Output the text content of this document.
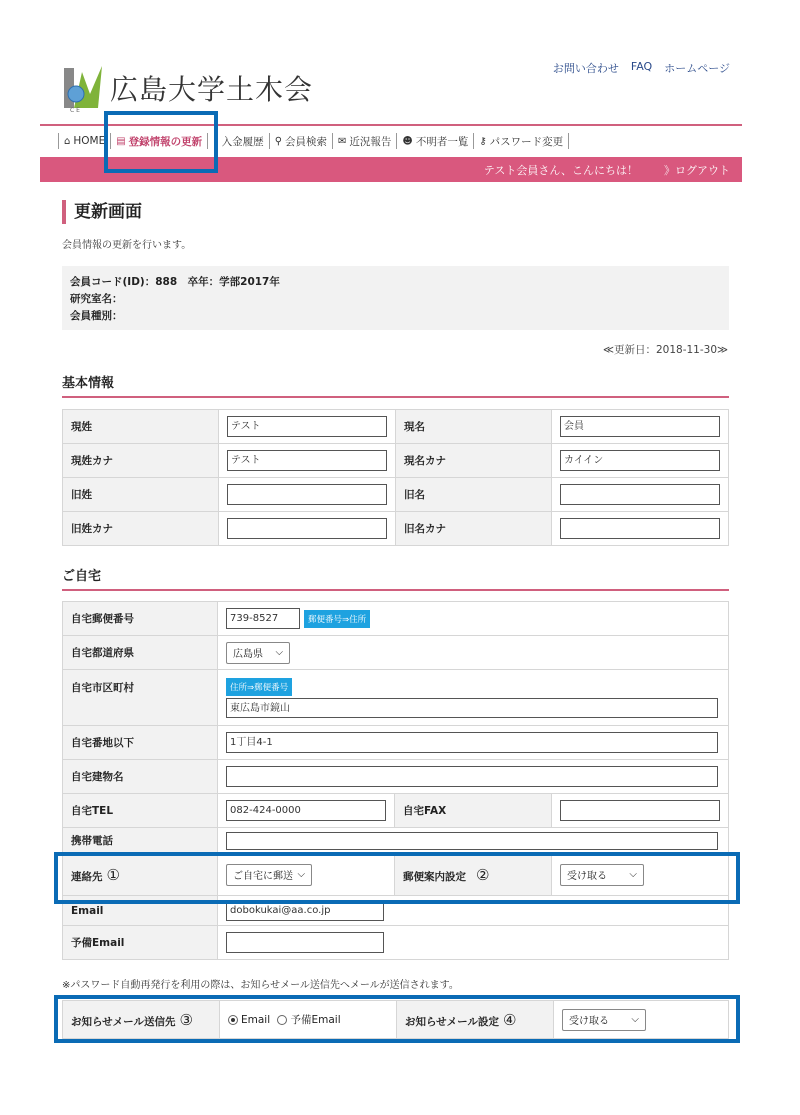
お問い合わせ FAQ ホームページ
C E
広島大学土木会
⌂ HOME ▤ 登録情報の更新 ▮ 入金履歴 ⚲ 会員検索 ✉ 近況報告 ☻ 不明者一覧 ⚷ パスワード変更
テスト会員さん、こんにちは！ 》ログアウト
更新画面
会員情報の更新を行います。
会員コード(ID)：888　卒年：学部2017年
研究室名：
会員種別：
≪更新日：2018-11-30≫
基本情報
現姓	テスト	現名	会員

現姓カナ	テスト	現名カナ	カイイン

旧姓		旧名	

旧姓カナ		旧名カナ	
ご自宅
自宅郵便番号	739-8527 郵便番号⇒住所		
自宅都道府県	広島県 ⌵		

自宅市区町村	住所⇒郵便番号
東広島市鏡山		

自宅番地以下	1丁目4-1		

自宅建物名			

自宅TEL	082-424-0000	自宅FAX	

携帯電話			

連絡先 ①	ご自宅に郵送 ⌵	郵便案内設定 ②	受け取る ⌵

Email	dobokukai@aa.co.jp		

予備Email			
※パスワード自動再発行を利用の際は、お知らせメール送信先へメールが送信されます。
お知らせメール送信先 ③	Email 予備Email	お知らせメール設定 ④	受け取る ⌵
